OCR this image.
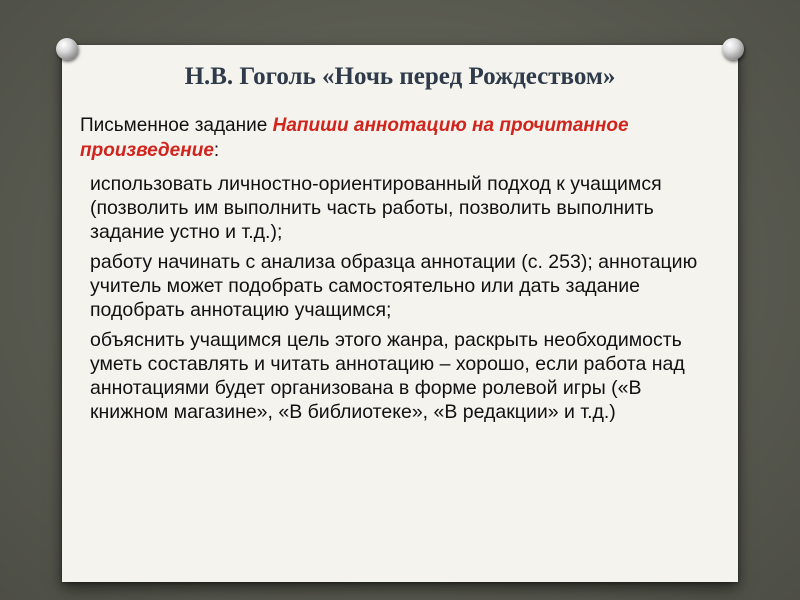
Н.В. Гоголь «Ночь перед Рождеством»
Письменное задание Напиши аннотацию на прочитанное произведение:
использовать личностно-ориентированный подход к учащимся (позволить им выполнить часть работы, позволить выполнить задание устно и т.д.);
работу начинать с анализа образца аннотации (с. 253); аннотацию учитель может подобрать самостоятельно или дать задание подобрать аннотацию учащимся;
объяснить учащимся цель этого жанра, раскрыть необходимость уметь составлять и читать аннотацию – хорошо, если работа над аннотациями будет организована в форме ролевой игры («В книжном магазине», «В библиотеке», «В редакции» и т.д.)
